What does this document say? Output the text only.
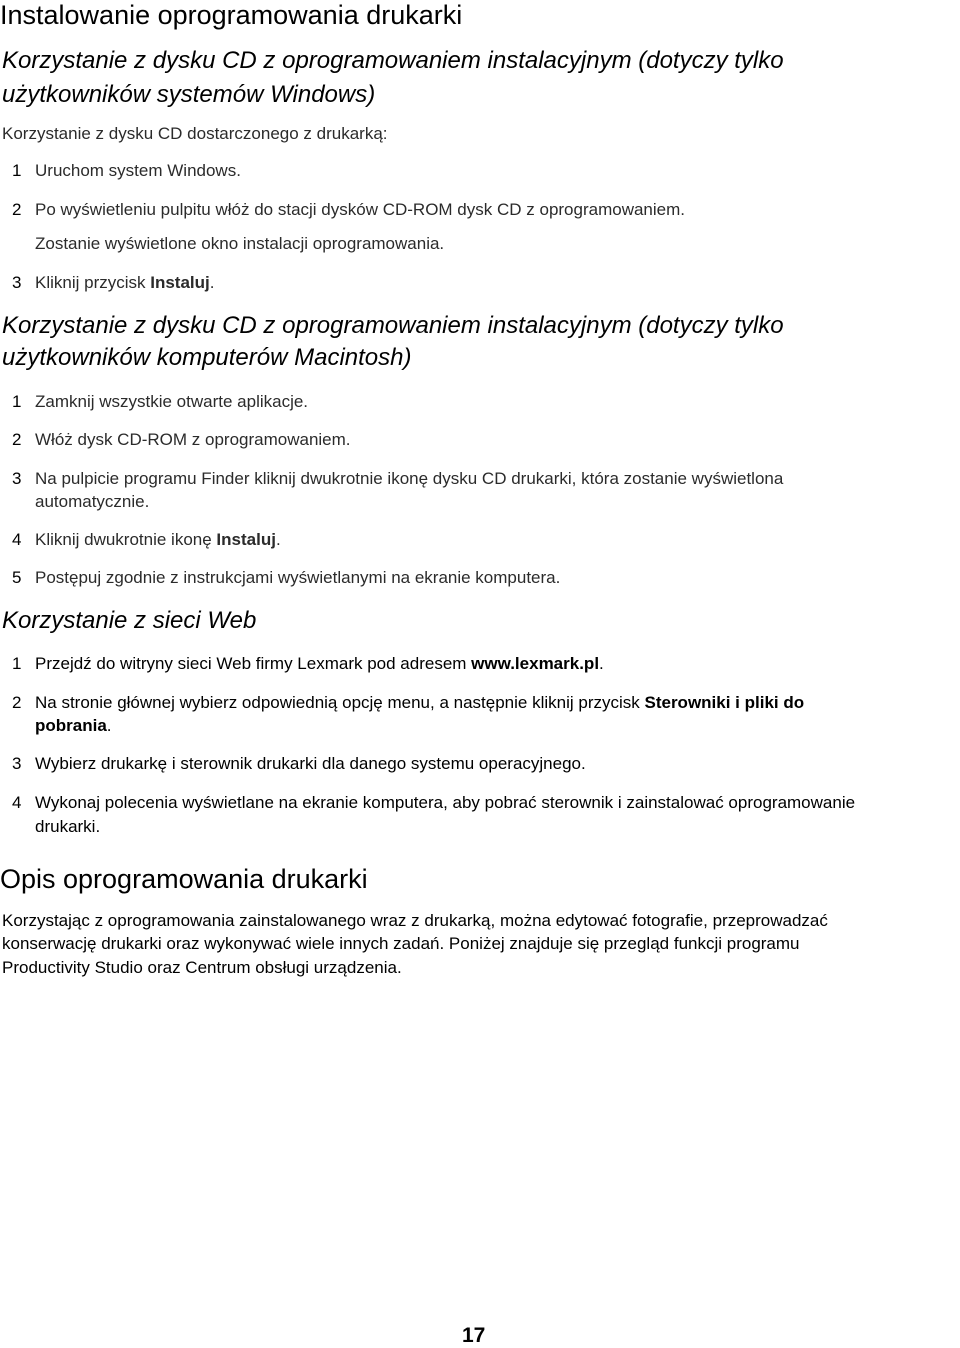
Instalowanie oprogramowania drukarki
Korzystanie z dysku CD z oprogramowaniem instalacyjnym (dotyczy tylko
użytkowników systemów Windows)
Korzystanie z dysku CD dostarczonego z drukarką:
1 Uruchom system Windows.
2 Po wyświetleniu pulpitu włóż do stacji dysków CD-ROM dysk CD z oprogramowaniem.
Zostanie wyświetlone okno instalacji oprogramowania.
3 Kliknij przycisk Instaluj.
Korzystanie z dysku CD z oprogramowaniem instalacyjnym (dotyczy tylko
użytkowników komputerów Macintosh)
1 Zamknij wszystkie otwarte aplikacje.
2 Włóż dysk CD-ROM z oprogramowaniem.
3 Na pulpicie programu Finder kliknij dwukrotnie ikonę dysku CD drukarki, która zostanie wyświetlona
automatycznie.
4 Kliknij dwukrotnie ikonę Instaluj.
5 Postępuj zgodnie z instrukcjami wyświetlanymi na ekranie komputera.
Korzystanie z sieci Web
1 Przejdź do witryny sieci Web firmy Lexmark pod adresem www.lexmark.pl.
2 Na stronie głównej wybierz odpowiednią opcję menu, a następnie kliknij przycisk Sterowniki i pliki do
pobrania.
3 Wybierz drukarkę i sterownik drukarki dla danego systemu operacyjnego.
4 Wykonaj polecenia wyświetlane na ekranie komputera, aby pobrać sterownik i zainstalować oprogramowanie
drukarki.
Opis oprogramowania drukarki
Korzystając z oprogramowania zainstalowanego wraz z drukarką, można edytować fotografie, przeprowadzać
konserwację drukarki oraz wykonywać wiele innych zadań. Poniżej znajduje się przegląd funkcji programu
Productivity Studio oraz Centrum obsługi urządzenia.
17
